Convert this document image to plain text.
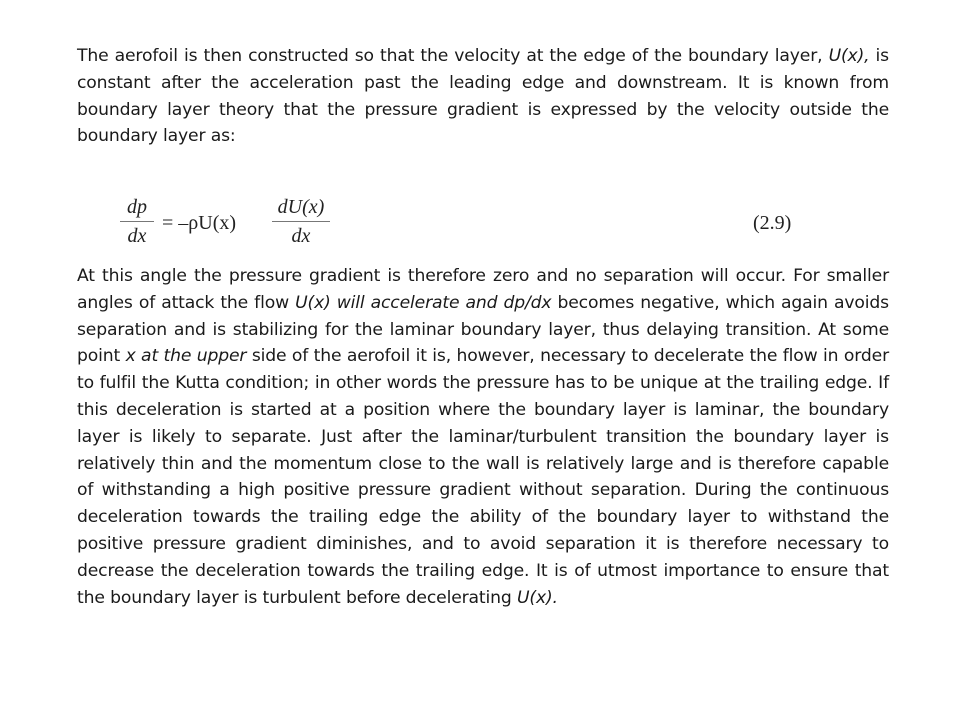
The aerofoil is then constructed so that the velocity at the edge of the boundary layer, U(x), is constant after the acceleration past the leading edge and downstream. It is known from boundary layer theory that the pressure gradient is expressed by the velocity outside the boundary layer as:

dp
dx
= –ρU(x)
dU(x)
dx
(2.9)

At this angle the pressure gradient is therefore zero and no separation will occur. For smaller angles of attack the flow U(x) will accelerate and dp/dx becomes negative, which again avoids separation and is stabilizing for the laminar boundary layer, thus delaying transition. At some point x at the upper side of the aerofoil it is, however, necessary to decelerate the flow in order to fulfil the Kutta condition; in other words the pressure has to be unique at the trailing edge. If this deceleration is started at a position where the boundary layer is laminar, the boundary layer is likely to separate. Just after the laminar/turbulent transition the boundary layer is relatively thin and the momentum close to the wall is relatively large and is therefore capable of withstanding a high positive pressure gradient without separation. During the continuous deceleration towards the trailing edge the ability of the boundary layer to withstand the positive pressure gradient diminishes, and to avoid separation it is therefore necessary to decrease the deceleration towards the trailing edge. It is of utmost importance to ensure that the boundary layer is turbulent before decelerating U(x).
